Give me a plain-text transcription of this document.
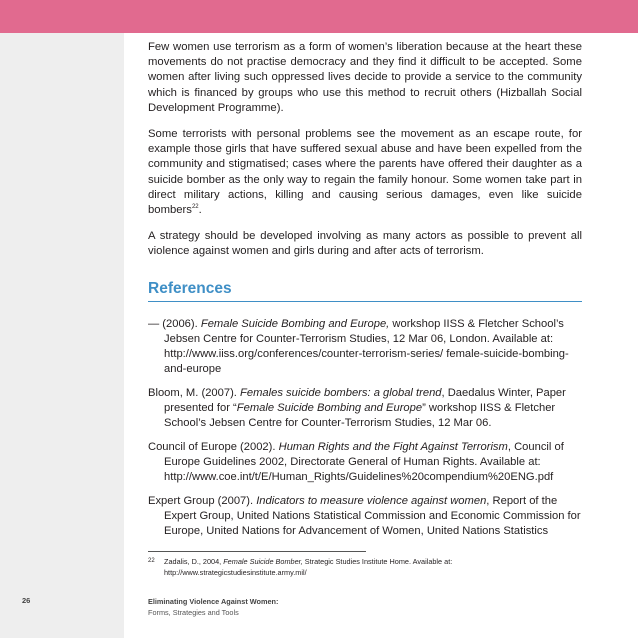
Few women use terrorism as a form of women’s liberation because at the heart these movements do not practise democracy and they find it difficult to be accepted. Some women after living such oppressed lives decide to provide a service to the community which is financed by groups who use this method to recruit others (Hizballah Social Development Programme).

Some terrorists with personal problems see the movement as an escape route, for example those girls that have suffered sexual abuse and have been expelled from the community and stigmatised; cases where the parents have offered their daughter as a suicide bomber as the only way to regain the family honour. Some women take part in direct military actions, killing and causing serious damages, even like suicide bombers$^{22}$.

A strategy should be developed involving as many actors as possible to prevent all violence against women and girls during and after acts of terrorism.

References

— (2006). Female Suicide Bombing and Europe, workshop IISS & Fletcher School’s Jebsen Centre for Counter-Terrorism Studies, 12 Mar 06, London. Available at: http://www.iiss.org/conferences/counter-terrorism-series/ female-suicide-bombing-and-europe

Bloom, M. (2007). Females suicide bombers: a global trend, Daedalus Winter, Paper presented for “Female Suicide Bombing and Europe” workshop IISS & Fletcher School’s Jebsen Centre for Counter-Terrorism Studies, 12 Mar 06.

Council of Europe (2002). Human Rights and the Fight Against Terrorism, Council of Europe Guidelines 2002, Directorate General of Human Rights. Available at: http://www.coe.int/t/E/Human_Rights/Guidelines%20compendium%20ENG.pdf

Expert Group (2007). Indicators to measure violence against women, Report of the Expert Group, United Nations Statistical Commission and Economic Commission for Europe, United Nations for Advancement of Women, United Nations Statistics

22 Zadalis, D., 2004, Female Suicide Bomber, Strategic Studies Institute Home. Available at: http://www.strategicstudiesinstitute.army.mil/
26	Eliminating Violence Against Women:
Forms, Strategies and Tools
